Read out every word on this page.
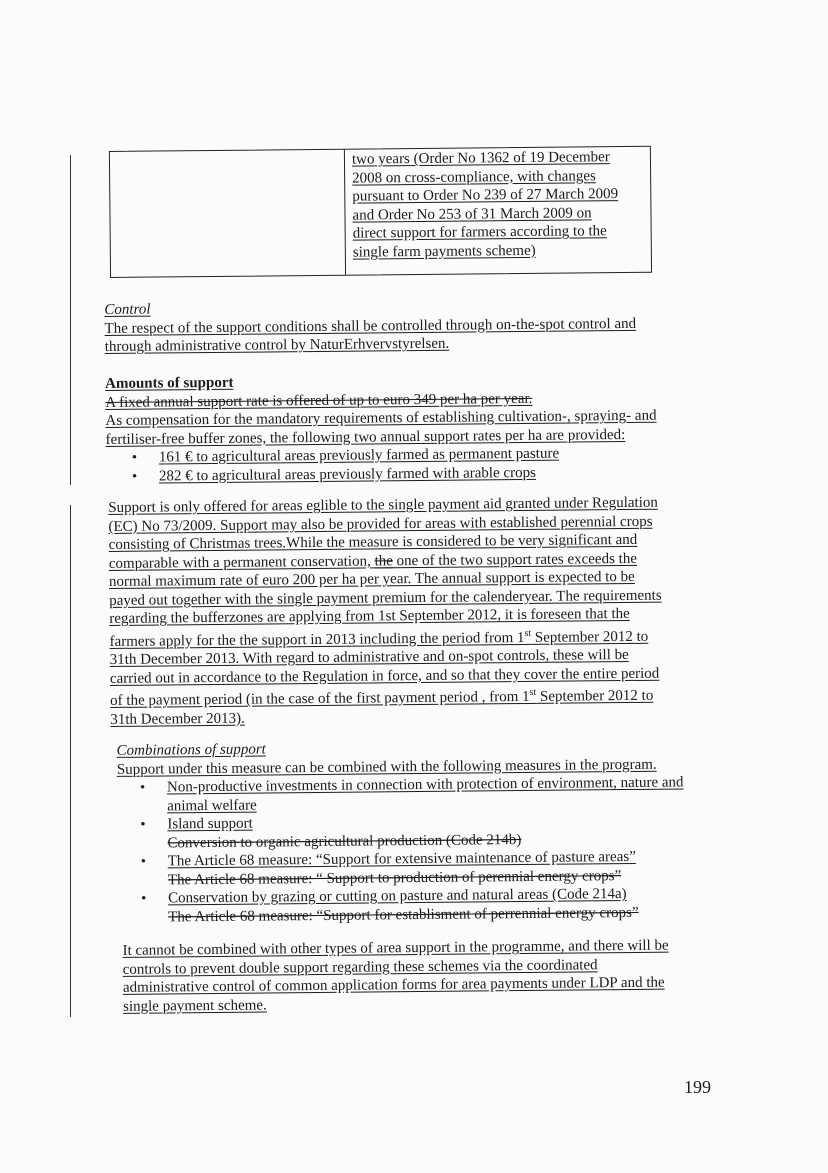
two years (Order No 1362 of 19 December
2008 on cross-compliance, with changes
pursuant to Order No 239 of 27 March 2009
and Order No 253 of 31 March 2009 on
direct support for farmers according to the
single farm payments scheme)
Control
The respect of the support conditions shall be controlled through on-the-spot control and
through administrative control by NaturErhvervstyrelsen.
Amounts of support
A fixed annual support rate is offered of up to euro 349 per ha per year.
As compensation for the mandatory requirements of establishing cultivation-, spraying- and
fertiliser-free buffer zones, the following two annual support rates per ha are provided:
• 161 € to agricultural areas previously farmed as permanent pasture
• 282 € to agricultural areas previously farmed with arable crops
Support is only offered for areas eglible to the single payment aid granted under Regulation
(EC) No 73/2009. Support may also be provided for areas with established perennial crops
consisting of Christmas trees.While the measure is considered to be very significant and
comparable with a permanent conservation, the one of the two support rates exceeds the
normal maximum rate of euro 200 per ha per year. The annual support is expected to be
payed out together with the single payment premium for the calenderyear. The requirements
regarding the bufferzones are applying from 1st September 2012, it is foreseen that the
farmers apply for the the support in 2013 including the period from 1st September 2012 to
31th December 2013. With regard to administrative and on-spot controls, these will be
carried out in accordance to the Regulation in force, and so that they cover the entire period
of the payment period (in the case of the first payment period , from 1st September 2012 to
31th December 2013).
Combinations of support
Support under this measure can be combined with the following measures in the program.
• Non-productive investments in connection with protection of environment, nature and
animal welfare
• Island support
Conversion to organic agricultural production (Code 214b)
• The Article 68 measure: “Support for extensive maintenance of pasture areas”
The Article 68 measure: “ Support to production of perennial energy crops”
• Conservation by grazing or cutting on pasture and natural areas (Code 214a)
The Article 68 measure: “Support for establisment of perrennial energy crops”
It cannot be combined with other types of area support in the programme, and there will be
controls to prevent double support regarding these schemes via the coordinated
administrative control of common application forms for area payments under LDP and the
single payment scheme.
199
